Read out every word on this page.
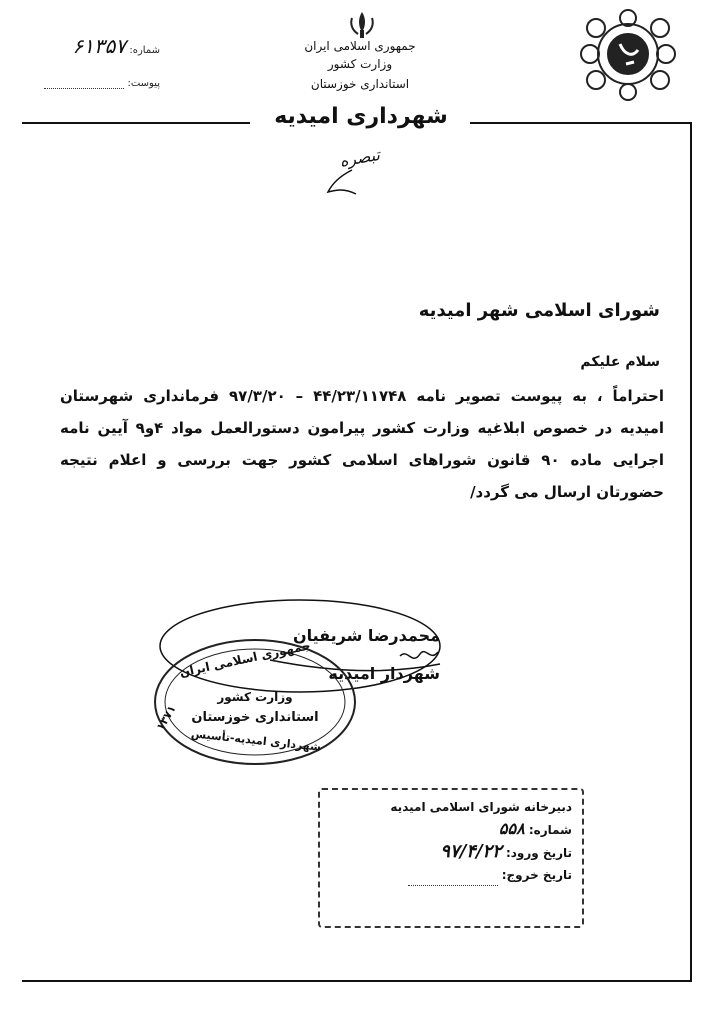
شماره: ۶۱۳۵۷
پیوست:
جمهوری اسلامی ایران
وزارت کشور
استانداری خوزستان
شهرداری امیدیه
تبصره
شورای اسلامی شهر امیدیه
سلام علیکم
احتراماً ، به پیوست تصویر نامه ۴۴/۲۳/۱۱۷۴۸ – ۹۷/۳/۲۰ فرمانداری شهرستان امیدیه در خصوص ابلاغیه وزارت کشور پیرامون دستورالعمل مواد ۴و۹ آیین نامه اجرایی ماده ۹۰ قانون شوراهای اسلامی کشور جهت بررسی و اعلام نتیجه حضورتان ارسال می گردد/
محمدرضا شریفیان
شهردار امیدیه
جمهوری اسلامی ایران
وزارت کشور
استانداری خوزستان
شهرداری امیدیه-تأسیس
۱۳۷۱
دبیرخانه شورای اسلامی امیدیه
شماره: ۵۵۸
تاریخ ورود: ۹۷/۴/۲۲
تاریخ خروج:
